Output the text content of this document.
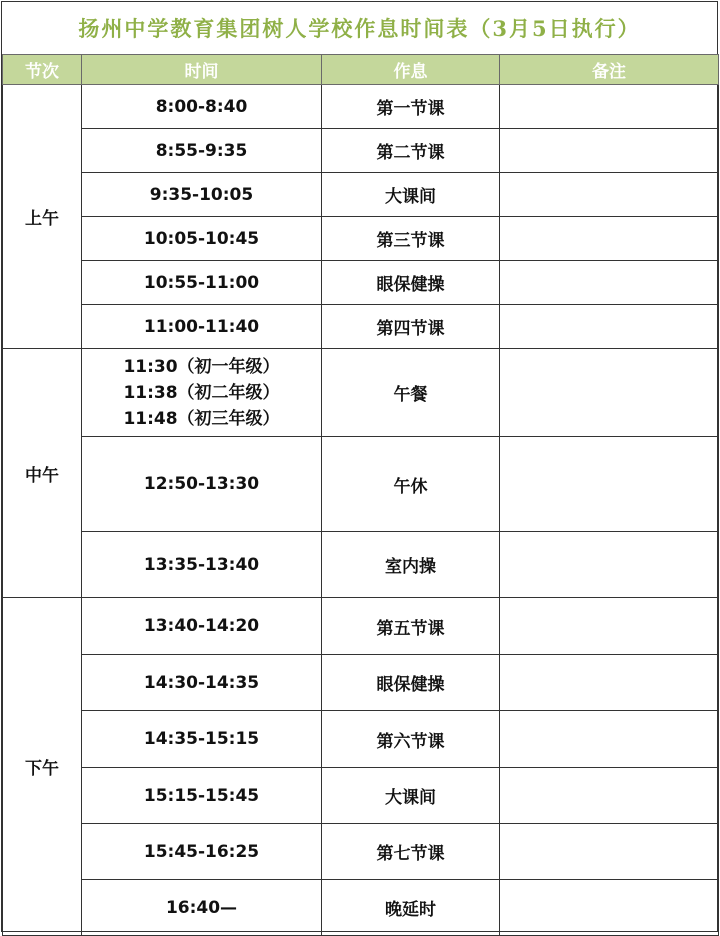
扬州中学教育集团树人学校作息时间表（3月5日执行）
节次	时间	作息	备注
上午	8:00-8:40	第一节课	
	8:55-9:35	第二节课	
	9:35-10:05	大课间	
	10:05-10:45	第三节课	
	10:55-11:00	眼保健操	
	11:00-11:40	第四节课	
中午	11:30（初一年级）
11:38（初二年级）
11:48（初三年级）	午餐	
	12:50-13:30	午休	
	13:35-13:40	室内操	
下午	13:40-14:20	第五节课	
	14:30-14:35	眼保健操	
	14:35-15:15	第六节课	
	15:15-15:45	大课间	
	15:45-16:25	第七节课	
	16:40—	晚延时	
